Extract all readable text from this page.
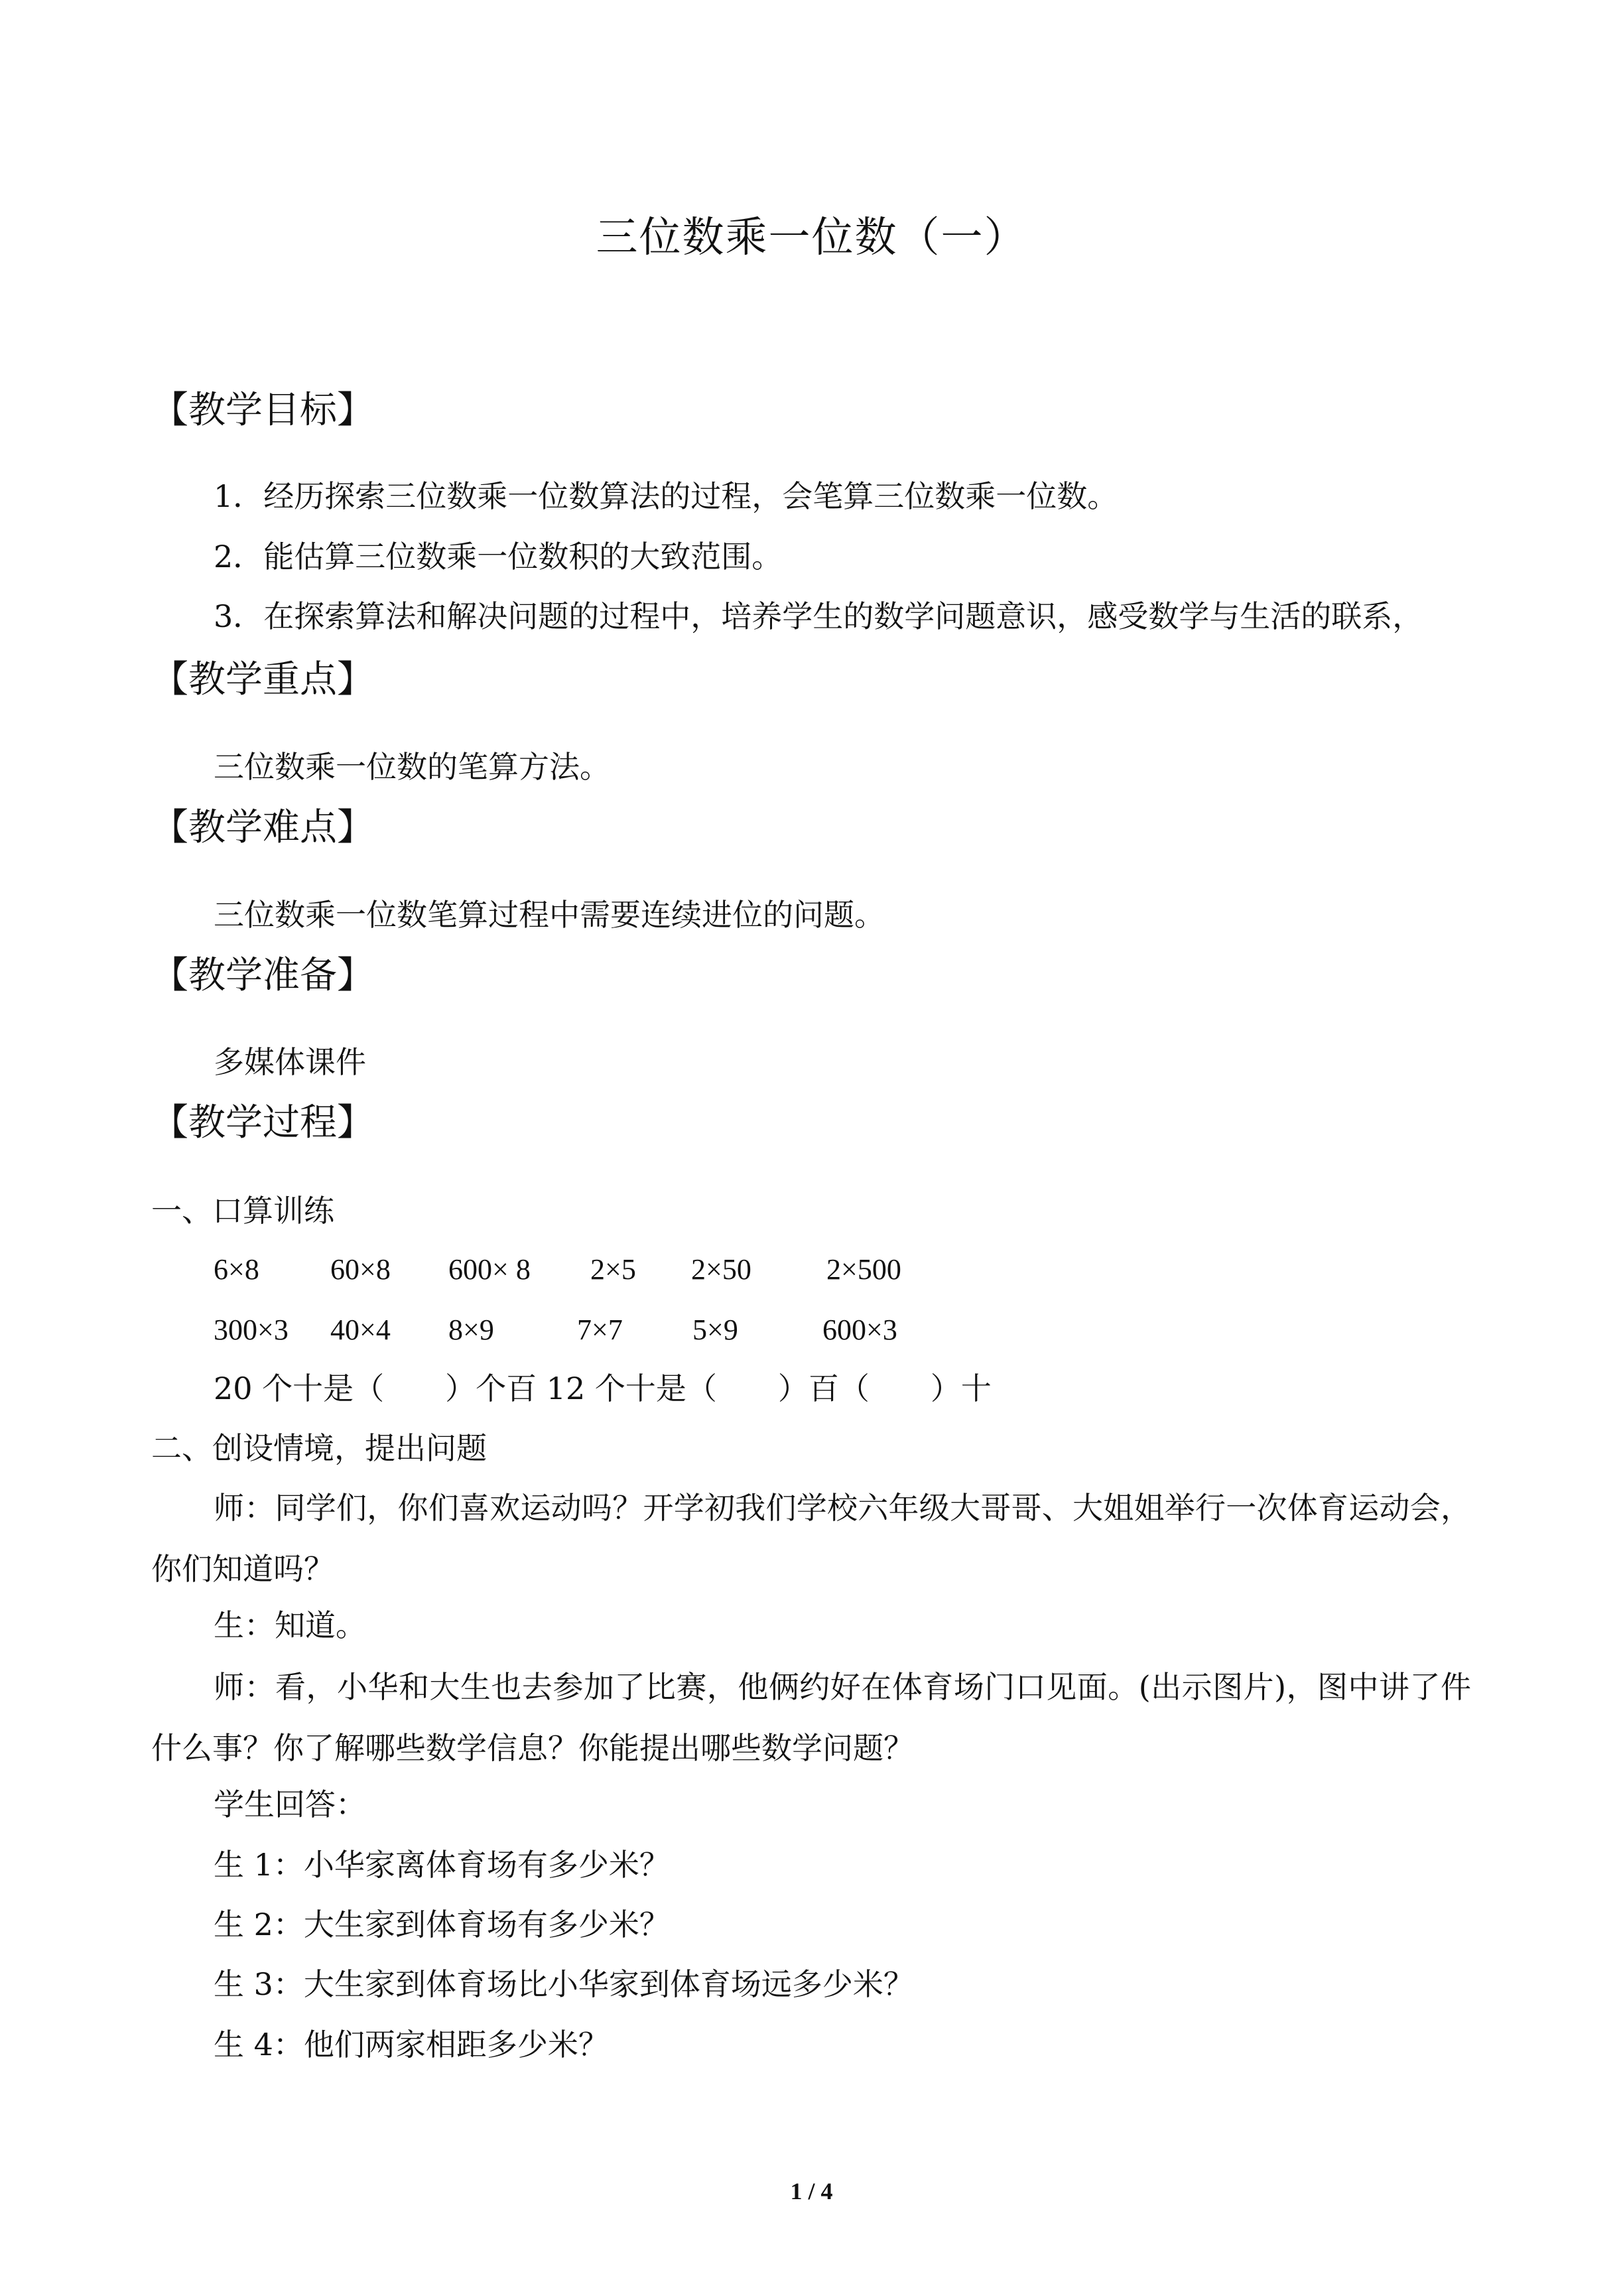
三位数乘一位数（一）
【教学目标】
1．经历探索三位数乘一位数算法的过程，会笔算三位数乘一位数。
2．能估算三位数乘一位数积的大致范围。
3．在探索算法和解决问题的过程中，培养学生的数学问题意识，感受数学与生活的联系，
【教学重点】
三位数乘一位数的笔算方法。
【教学难点】
三位数乘一位数笔算过程中需要连续进位的问题。
【教学准备】
多媒体课件
【教学过程】
一、口算训练
6×8 60×8 600× 8 2×5 2×50	2×500
300×3 40×4 8×9	7×7 5×9	600×3
20 个十是（　　）个百 12 个十是（　　）百（　　）十
二、创设情境，提出问题
师：同学们，你们喜欢运动吗？开学初我们学校六年级大哥哥、大姐姐举行一次体育运动会，你们知道吗？
生：知道。
师：看，小华和大生也去参加了比赛，他俩约好在体育场门口见面。(出示图片)，图中讲了件什么事？你了解哪些数学信息？你能提出哪些数学问题？
学生回答：
生 1：小华家离体育场有多少米？
生 2：大生家到体育场有多少米？
生 3：大生家到体育场比小华家到体育场远多少米？
生 4：他们两家相距多少米？
1 / 4
